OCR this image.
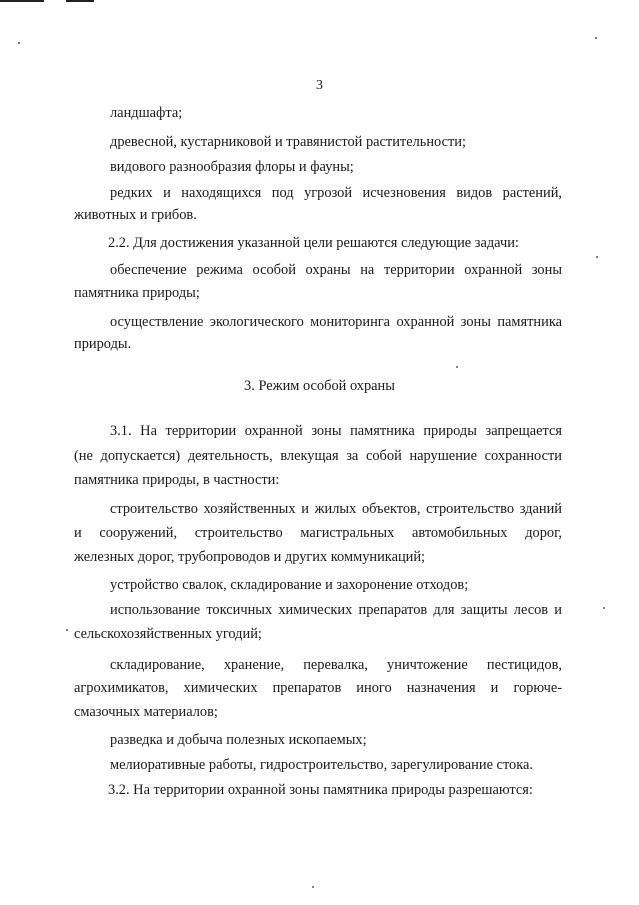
3
ландшафта;
древесной, кустарниковой и травянистой растительности;
видового разнообразия флоры и фауны;
редких и находящихся под угрозой исчезновения видов растений,
животных и грибов.
2.2. Для достижения указанной цели решаются следующие задачи:
обеспечение режима особой охраны на территории охранной зоны
памятника природы;
осуществление экологического мониторинга охранной зоны памятника
природы.
3. Режим особой охраны
3.1. На территории охранной зоны памятника природы запрещается
(не допускается) деятельность, влекущая за собой нарушение сохранности
памятника природы, в частности:
строительство хозяйственных и жилых объектов, строительство зданий
и сооружений, строительство магистральных автомобильных дорог,
железных дорог, трубопроводов и других коммуникаций;
устройство свалок, складирование и захоронение отходов;
использование токсичных химических препаратов для защиты лесов и
сельскохозяйственных угодий;
складирование, хранение, перевалка, уничтожение пестицидов,
агрохимикатов, химических препаратов иного назначения и горюче-
смазочных материалов;
разведка и добыча полезных ископаемых;
мелиоративные работы, гидростроительство, зарегулирование стока.
3.2. На территории охранной зоны памятника природы разрешаются:
